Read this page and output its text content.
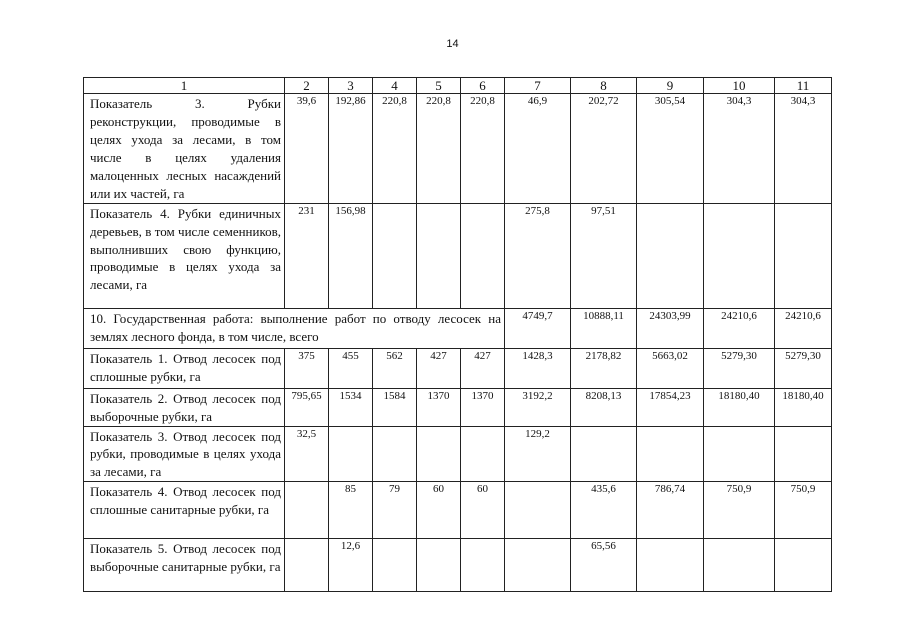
14
1	2	3	4	5	6	7	8	9	10	11
Показатель 3. Рубки реконструкции, проводимые в целях ухода за лесами, в том числе в целях удаления малоценных лесных насаждений или их частей, га	39,6	192,86	220,8	220,8	220,8	46,9	202,72	305,54	304,3	304,3
Показатель 4. Рубки единичных деревьев, в том числе семенников, выполнивших свою функцию, проводимые в целях ухода за лесами, га	231	156,98				275,8	97,51			
10. Государственная работа: выполнение работ по отводу лесосек на землях лесного фонда, в том числе, всего						4749,7	10888,11	24303,99	24210,6	24210,6
Показатель 1. Отвод лесосек под сплошные рубки, га	375	455	562	427	427	1428,3	2178,82	5663,02	5279,30	5279,30
Показатель 2. Отвод лесосек под выборочные рубки, га	795,65	1534	1584	1370	1370	3192,2	8208,13	17854,23	18180,40	18180,40
Показатель 3. Отвод лесосек под рубки, проводимые в целях ухода за лесами, га	32,5					129,2				
Показатель 4. Отвод лесосек под сплошные санитарные рубки, га		85	79	60	60		435,6	786,74	750,9	750,9
Показатель 5. Отвод лесосек под выборочные санитарные рубки, га		12,6					65,56			
